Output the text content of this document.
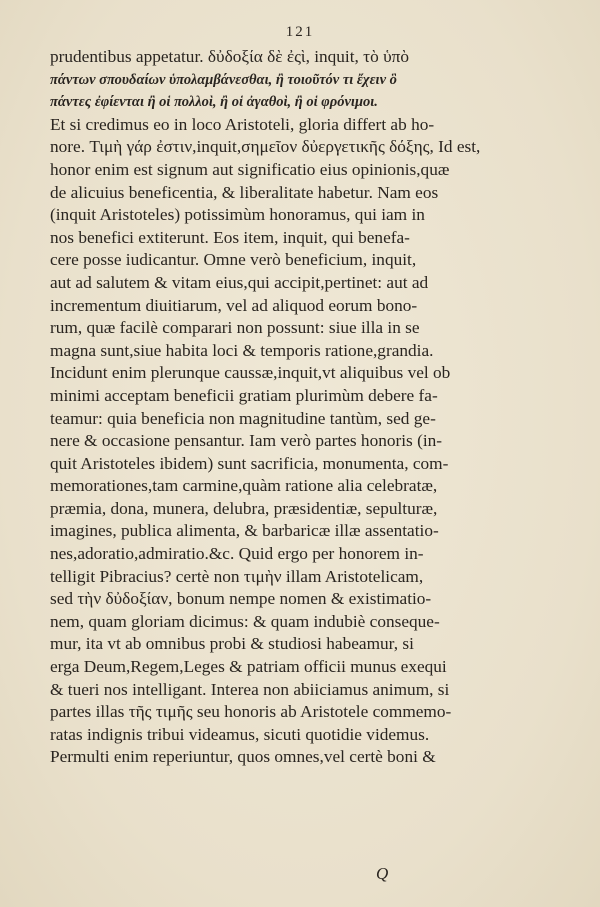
121
prudentibus appetatur. δὐδοξία δὲ ἐςὶ, inquit, τὸ ὑπὸ
πάντων σπουδαίων ὑπολαμβάνεσθαι, ἢ τοιοῦτόν τι ἔχειν ὃ
πάντες ἐφίενται ἢ οἱ πολλοὶ, ἢ οἱ ἀγαθοὶ, ἢ οἱ φρόνιμοι.
Et si credimus eo in loco Aristoteli, gloria differt ab ho-
nore. Τιμὴ γάρ ἐστιν,inquit,σημεῖον δὐεργετικῆς δόξης, Id est,
honor enim est signum aut significatio eius opinionis,quæ
de alicuius beneficentia, & liberalitate habetur. Nam eos
(inquit Aristoteles) potissimùm honoramus, qui iam in
nos benefici extiterunt. Eos item, inquit, qui benefa-
cere posse iudicantur. Omne verò beneficium, inquit,
aut ad salutem & vitam eius,qui accipit,pertinet: aut ad
incrementum diuitiarum, vel ad aliquod eorum bono-
rum, quæ facilè comparari non possunt: siue illa in se
magna sunt,siue habita loci & temporis ratione,grandia.
Incidunt enim plerunque caussæ,inquit,vt aliquibus vel ob
minimi acceptam beneficii gratiam plurimùm debere fa-
teamur: quia beneficia non magnitudine tantùm, sed ge-
nere & occasione pensantur. Iam verò partes honoris (in-
quit Aristoteles ibidem) sunt sacrificia, monumenta, com-
memorationes,tam carmine,quàm ratione alia celebratæ,
præmia, dona, munera, delubra, præsidentiæ, sepulturæ,
imagines, publica alimenta, & barbaricæ illæ assentatio-
nes,adoratio,admiratio.&c. Quid ergo per honorem in-
telligit Pibracius? certè non τιμὴν illam Aristotelicam,
sed τὴν δὐδοξίαν, bonum nempe nomen & existimatio-
nem, quam gloriam dicimus: & quam indubiè conseque-
mur, ita vt ab omnibus probi & studiosi habeamur, si
erga Deum,Regem,Leges & patriam officii munus exequi
& tueri nos intelligant. Interea non abiiciamus animum, si
partes illas τῆς τιμῆς seu honoris ab Aristotele commemo-
ratas indignis tribui videamus, sicuti quotidie videmus.
Permulti enim reperiuntur, quos omnes,vel certè boni &
Q
